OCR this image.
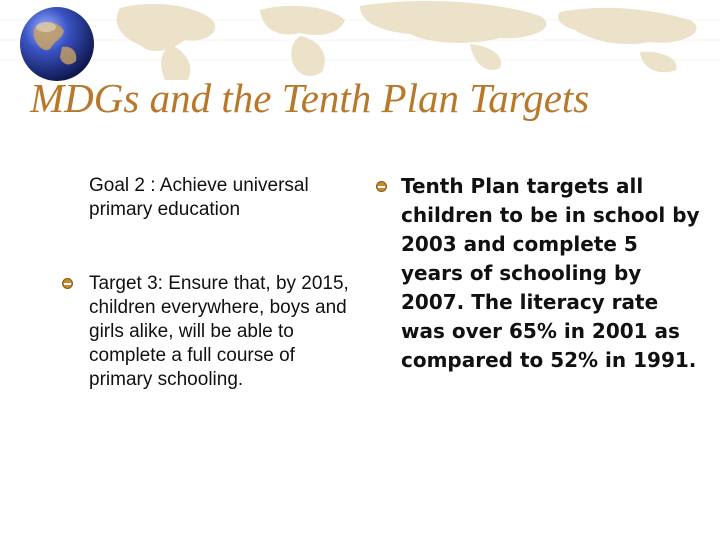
MDGs and the Tenth Plan Targets
Goal 2 : Achieve universal primary education
Target 3: Ensure that, by 2015, children everywhere, boys and girls alike, will be able to complete a full course of primary schooling.
Tenth Plan targets all children to be in school by 2003 and complete 5 years of schooling by 2007. The literacy rate was over 65% in 2001 as compared to 52% in 1991.
